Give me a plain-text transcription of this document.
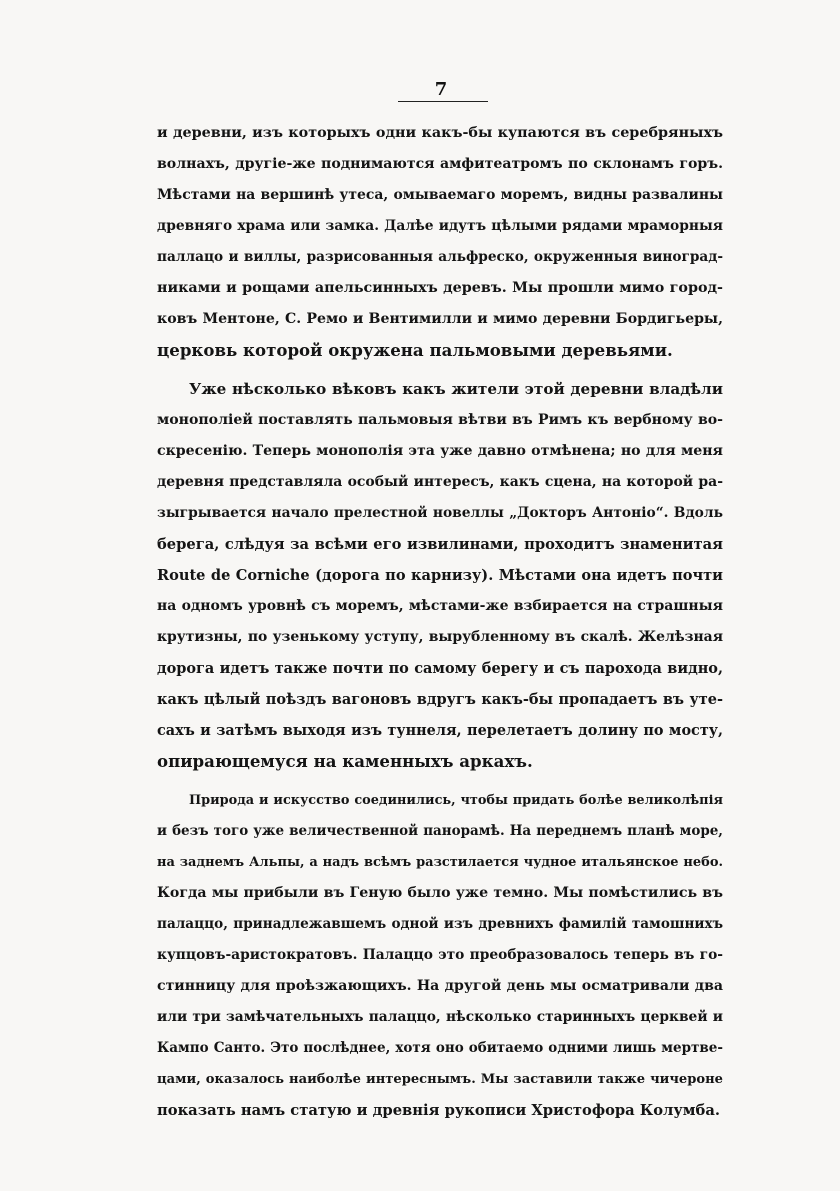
7

и деревни, изъ которыхъ одни какъ-бы купаются въ серебряныхъ
волнахъ, другіе-же поднимаются амфитеатромъ по склонамъ горъ.
Мѣстами на вершинѣ утеса, омываемаго моремъ, видны развалины
древняго храма или замка. Далѣе идутъ цѣлыми рядами мраморныя
паллацо и виллы, разрисованныя альфреско, окруженныя виноград-
никами и рощами апельсинныхъ деревъ. Мы прошли мимо город-
ковъ Ментоне, С. Ремо и Вентимилли и мимо деревни Бордигьеры,
церковь которой окружена пальмовыми деревьями.

Уже нѣсколько вѣковъ какъ жители этой деревни владѣли
монополіей поставлять пальмовыя вѣтви въ Римъ къ вербному во-
скресенію. Теперь монополія эта уже давно отмѣнена; но для меня
деревня представляла особый интересъ, какъ сцена, на которой ра-
зыгрывается начало прелестной новеллы „Докторъ Антоніо“. Вдоль
берега, слѣдуя за всѣми его извилинами, проходитъ знаменитая
Route de Corniche (дорога по карнизу). Мѣстами она идетъ почти
на одномъ уровнѣ съ моремъ, мѣстами-же взбирается на страшныя
крутизны, по узенькому уступу, вырубленному въ скалѣ. Желѣзная
дорога идетъ также почти по самому берегу и съ парохода видно,
какъ цѣлый поѣздъ вагоновъ вдругъ какъ-бы пропадаетъ въ уте-
сахъ и затѣмъ выходя изъ туннеля, перелетаетъ долину по мосту,
опирающемуся на каменныхъ аркахъ.

Природа и искусство соединились, чтобы придать болѣе великолѣпія
и безъ того уже величественной панорамѣ. На переднемъ планѣ море,
на заднемъ Альпы, а надъ всѣмъ разстилается чудное итальянское небо.
Когда мы прибыли въ Геную было уже темно. Мы помѣстились въ
палаццо, принадлежавшемъ одной изъ древнихъ фамилій тамошнихъ
купцовъ-аристократовъ. Палаццо это преобразовалось теперь въ го-
стинницу для проѣзжающихъ. На другой день мы осматривали два
или три замѣчательныхъ палаццо, нѣсколько старинныхъ церквей и
Кампо Санто. Это послѣднее, хотя оно обитаемо одними лишь мертве-
цами, оказалось наиболѣе интереснымъ. Мы заставили также чичероне
показать намъ статую и древнія рукописи Христофора Колумба.
